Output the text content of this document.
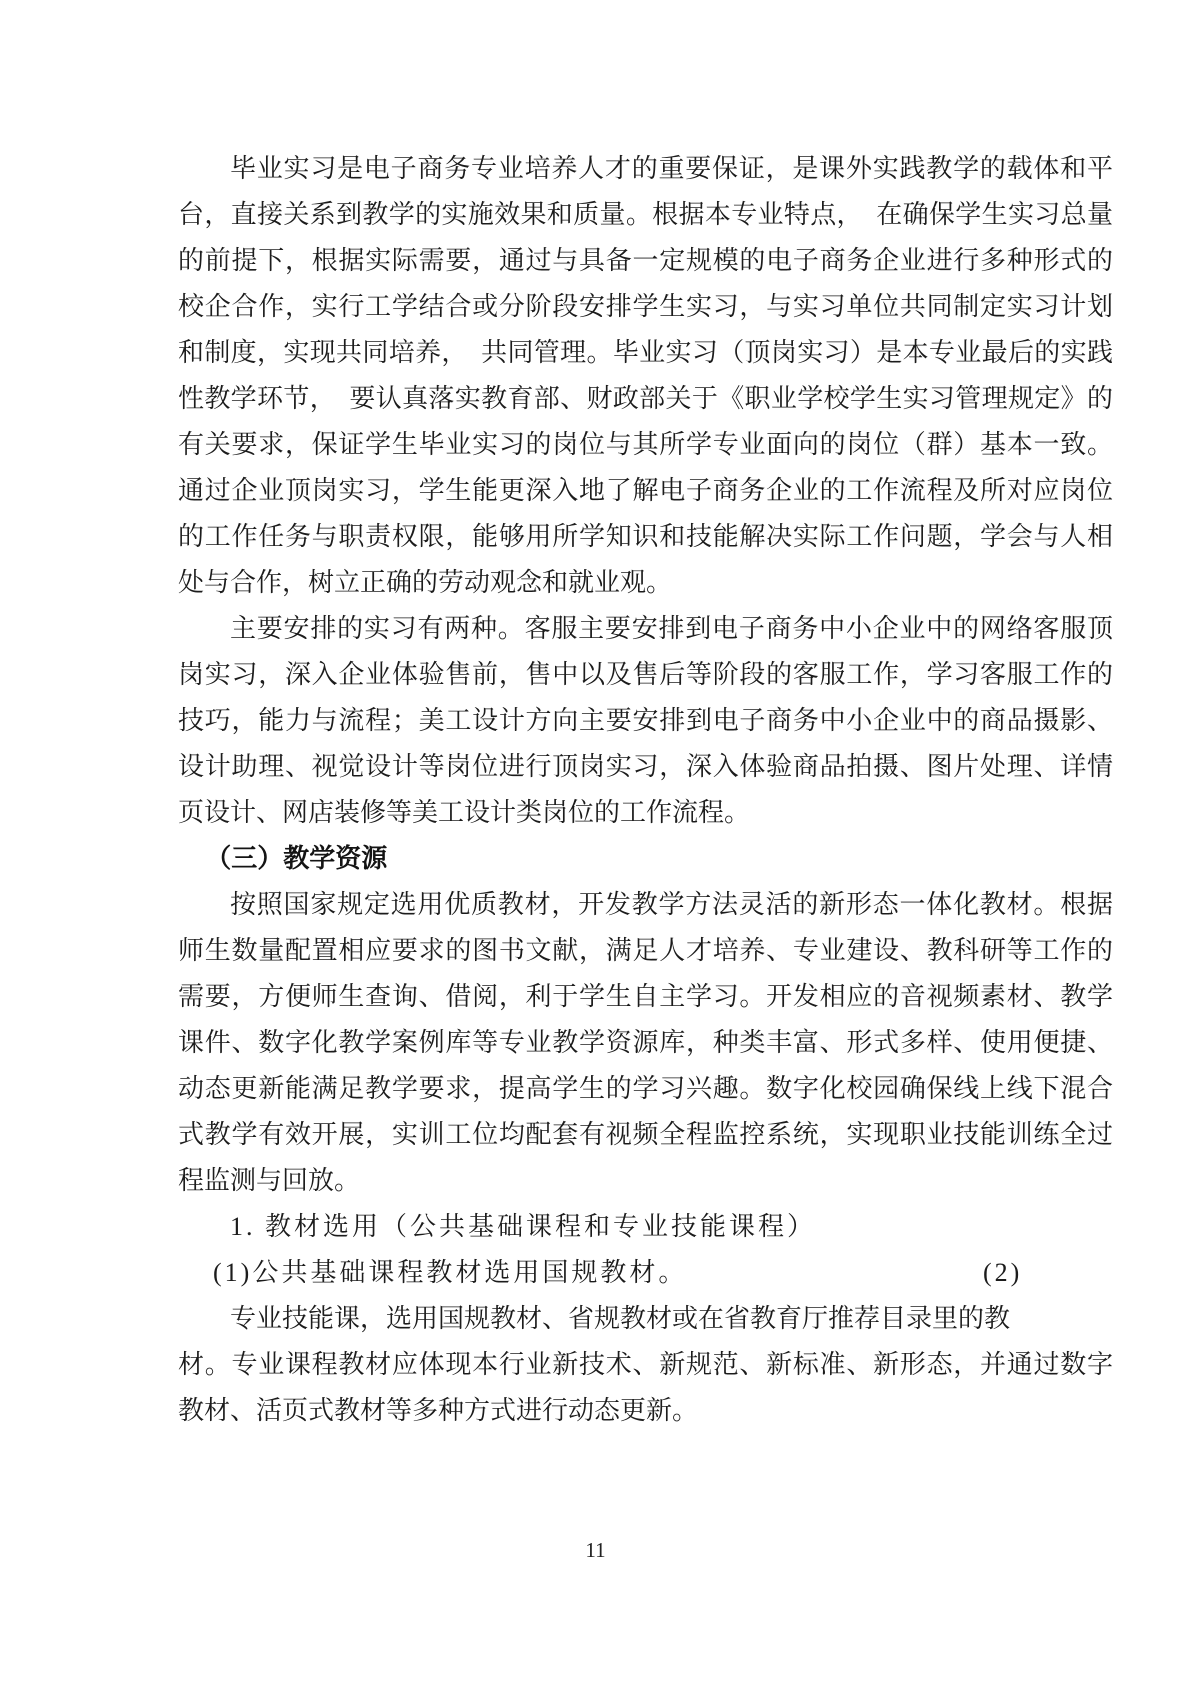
毕业实习是电子商务专业培养人才的重要保证，是课外实践教学的载体和平台，直接关系到教学的实施效果和质量。根据本专业特点，　在确保学生实习总量的前提下，根据实际需要，通过与具备一定规模的电子商务企业进行多种形式的校企合作，实行工学结合或分阶段安排学生实习，与实习单位共同制定实习计划和制度，实现共同培养，　共同管理。毕业实习（顶岗实习）是本专业最后的实践性教学环节，　要认真落实教育部、财政部关于《职业学校学生实习管理规定》的有关要求，保证学生毕业实习的岗位与其所学专业面向的岗位（群）基本一致。通过企业顶岗实习，学生能更深入地了解电子商务企业的工作流程及所对应岗位的工作任务与职责权限，能够用所学知识和技能解决实际工作问题，学会与人相处与合作，树立正确的劳动观念和就业观。

主要安排的实习有两种。客服主要安排到电子商务中小企业中的网络客服顶岗实习，深入企业体验售前，售中以及售后等阶段的客服工作，学习客服工作的技巧，能力与流程；美工设计方向主要安排到电子商务中小企业中的商品摄影、设计助理、视觉设计等岗位进行顶岗实习，深入体验商品拍摄、图片处理、详情页设计、网店装修等美工设计类岗位的工作流程。

（三）教学资源

按照国家规定选用优质教材，开发教学方法灵活的新形态一体化教材。根据师生数量配置相应要求的图书文献，满足人才培养、专业建设、教科研等工作的需要，方便师生查询、借阅，利于学生自主学习。开发相应的音视频素材、教学课件、数字化教学案例库等专业教学资源库，种类丰富、形式多样、使用便捷、动态更新能满足教学要求，提高学生的学习兴趣。数字化校园确保线上线下混合式教学有效开展，实训工位均配套有视频全程监控系统，实现职业技能训练全过程监测与回放。

1. 教材选用（公共基础课程和专业技能课程）
(1)公共基础课程教材选用国规教材。	(2)
专业技能课，选用国规教材、省规教材或在省教育厅推荐目录里的教
材。专业课程教材应体现本行业新技术、新规范、新标准、新形态，并通过数字
教材、活页式教材等多种方式进行动态更新。
11
